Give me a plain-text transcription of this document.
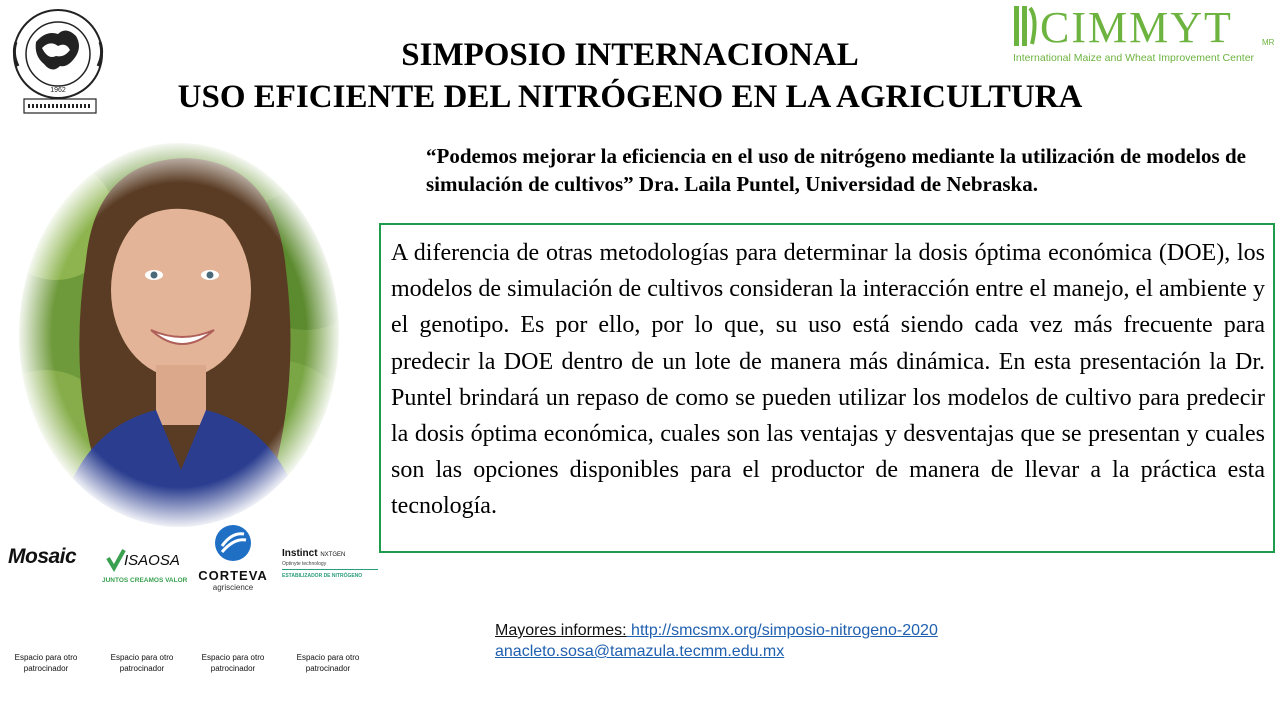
1962
SIMPOSIO INTERNACIONAL
USO EFICIENTE DEL NITRÓGENO EN LA AGRICULTURA
CIMMYT	MR
International Maize and Wheat Improvement Center
“Podemos mejorar la eficiencia en el uso de nitrógeno mediante la utilización de modelos de simulación de cultivos” Dra. Laila Puntel, Universidad de Nebraska.
A diferencia de otras metodologías para determinar la dosis óptima económica (DOE), los modelos de simulación de cultivos consideran la interacción entre el manejo, el ambiente y el genotipo. Es por ello, por lo que, su uso está siendo cada vez más frecuente para predecir la DOE dentro de un lote de manera más dinámica. En esta presentación la Dr. Puntel brindará un repaso de como se pueden utilizar los modelos de cultivo para predecir la dosis óptima económica, cuales son las ventajas y desventajas que se presentan y cuales son las opciones disponibles para el productor de manera de llevar a la práctica esta tecnología.
Mosaic	ISAOSA
JUNTOS CREAMOS VALOR CORTEVA
agriscience
Instinct NXTGEN
Optinyte technology
ESTABILIZADOR DE NITRÓGENO
Espacio para otro patrocinador
Espacio para otro patrocinador
Espacio para otro patrocinador
Espacio para otro patrocinador
Mayores informes: http://smcsmx.org/simposio-nitrogeno-2020
anacleto.sosa@tamazula.tecmm.edu.mx
